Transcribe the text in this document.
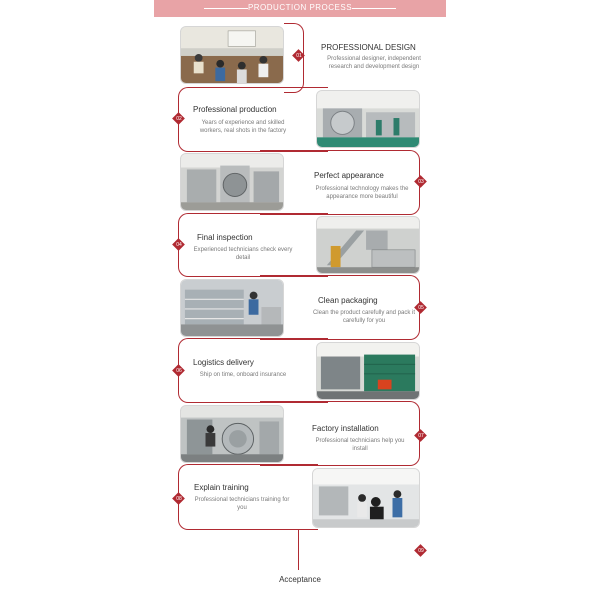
PRODUCTION PROCESS
01
02
03
04
05
06
07
08
09
PROFESSIONAL DESIGN
Professional designer, independent research and development design
Professional production
Years of experience and skilled workers, real shots in the factory
Perfect appearance
Professional technology makes the appearance more beautiful
Final inspection
Experienced technicians check every detail
Clean packaging
Clean the product carefully and pack it carefully for you
Logistics delivery
Ship on time, onboard insurance
Factory installation
Professional technicians help you install
Explain training
Professional technicians training for you
Acceptance
